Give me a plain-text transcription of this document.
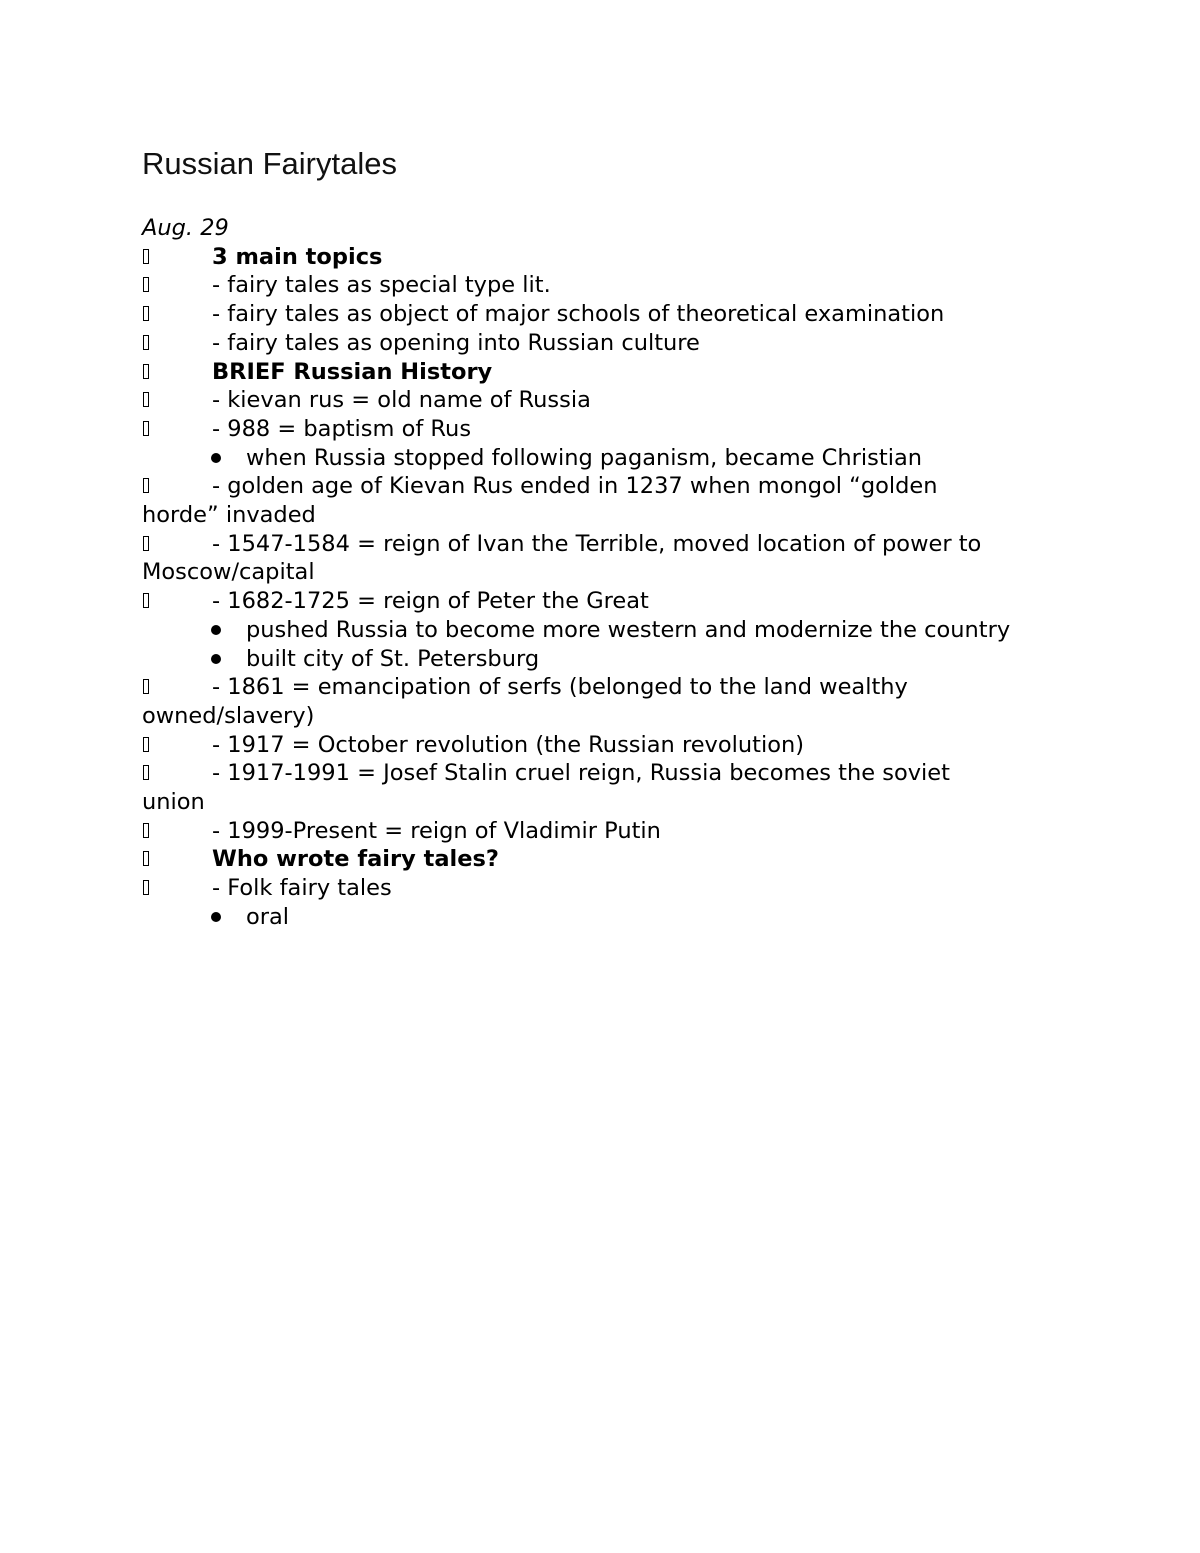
Russian Fairytales

Aug. 29

3 main topics

- fairy tales as special type lit.

- fairy tales as object of major schools of theoretical examination

- fairy tales as opening into Russian culture

BRIEF Russian History

- kievan rus = old name of Russia

- 988 = baptism of Rus

when Russia stopped following paganism, became Christian

- golden age of Kievan Rus ended in 1237 when mongol “golden
horde” invaded

- 1547-1584 = reign of Ivan the Terrible, moved location of power to
Moscow/capital

- 1682-1725 = reign of Peter the Great

pushed Russia to become more western and modernize the country

built city of St. Petersburg

- 1861 = emancipation of serfs (belonged to the land wealthy
owned/slavery)

- 1917 = October revolution (the Russian revolution)

- 1917-1991 = Josef Stalin cruel reign, Russia becomes the soviet
union

- 1999-Present = reign of Vladimir Putin

Who wrote fairy tales?

- Folk fairy tales

oral
